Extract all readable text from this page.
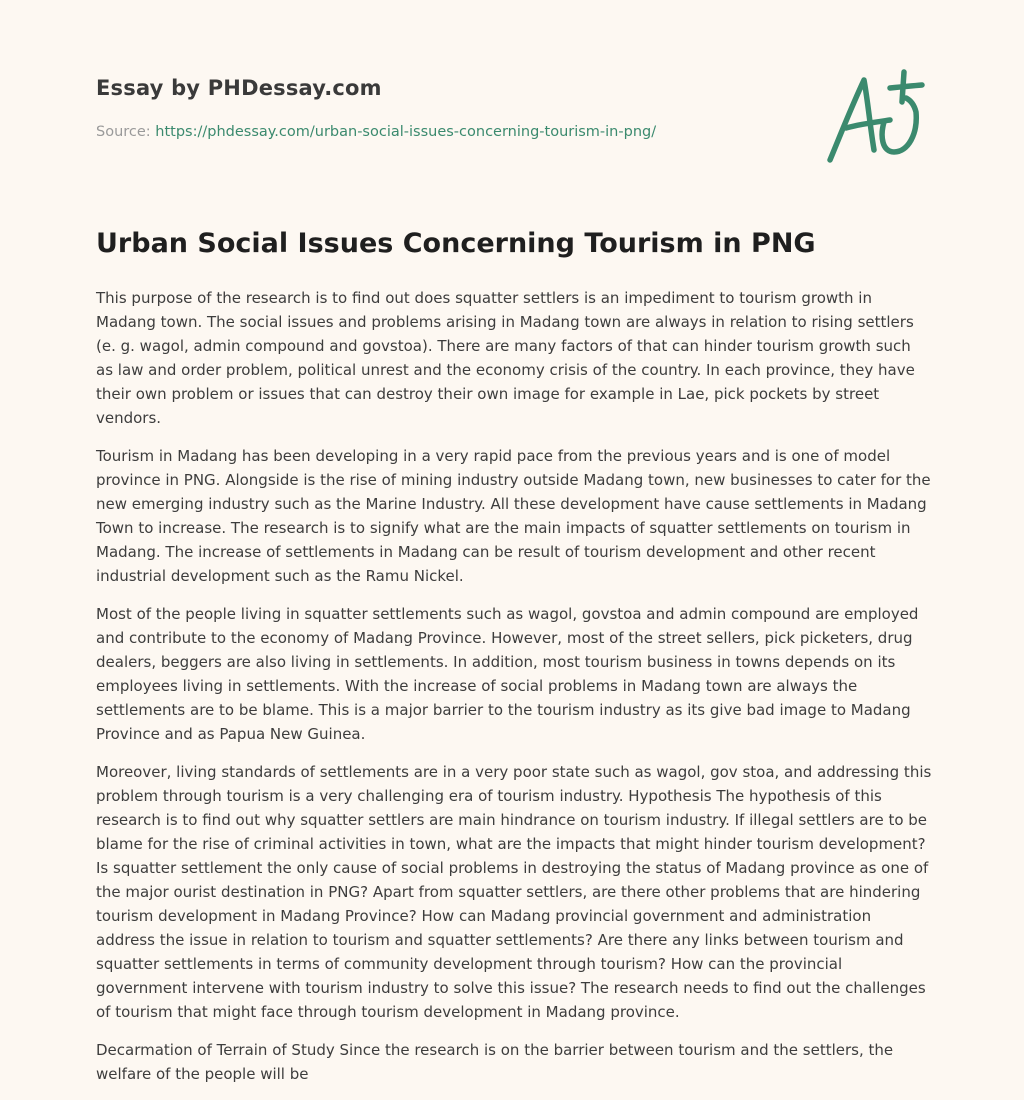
Essay by PHDessay.com
Source: https://phdessay.com/urban-social-issues-concerning-tourism-in-png/
Urban Social Issues Concerning Tourism in PNG

This purpose of the research is to find out does squatter settlers is an impediment to tourism growth in Madang town. The social issues and problems arising in Madang town are always in relation to rising settlers (e. g. wagol, admin compound and govstoa). There are many factors of that can hinder tourism growth such as law and order problem, political unrest and the economy crisis of the country. In each province, they have their own problem or issues that can destroy their own image for example in Lae, pick pockets by street vendors.

Tourism in Madang has been developing in a very rapid pace from the previous years and is one of model province in PNG. Alongside is the rise of mining industry outside Madang town, new businesses to cater for the new emerging industry such as the Marine Industry. All these development have cause settlements in Madang Town to increase. The research is to signify what are the main impacts of squatter settlements on tourism in Madang. The increase of settlements in Madang can be result of tourism development and other recent industrial development such as the Ramu Nickel.

Most of the people living in squatter settlements such as wagol, govstoa and admin compound are employed and contribute to the economy of Madang Province. However, most of the street sellers, pick picketers, drug dealers, beggers are also living in settlements. In addition, most tourism business in towns depends on its employees living in settlements. With the increase of social problems in Madang town are always the settlements are to be blame. This is a major barrier to the tourism industry as its give bad image to Madang Province and as Papua New Guinea.

Moreover, living standards of settlements are in a very poor state such as wagol, gov stoa, and addressing this problem through tourism is a very challenging era of tourism industry. Hypothesis The hypothesis of this research is to find out why squatter settlers are main hindrance on tourism industry. If illegal settlers are to be blame for the rise of criminal activities in town, what are the impacts that might hinder tourism development? Is squatter settlement the only cause of social problems in destroying the status of Madang province as one of the major ourist destination in PNG? Apart from squatter settlers, are there other problems that are hindering tourism development in Madang Province? How can Madang provincial government and administration address the issue in relation to tourism and squatter settlements? Are there any links between tourism and squatter settlements in terms of community development through tourism? How can the provincial government intervene with tourism industry to solve this issue? The research needs to find out the challenges of tourism that might face through tourism development in Madang province.

Decarmation of Terrain of Study Since the research is on the barrier between tourism and the settlers, the welfare of the people will be
